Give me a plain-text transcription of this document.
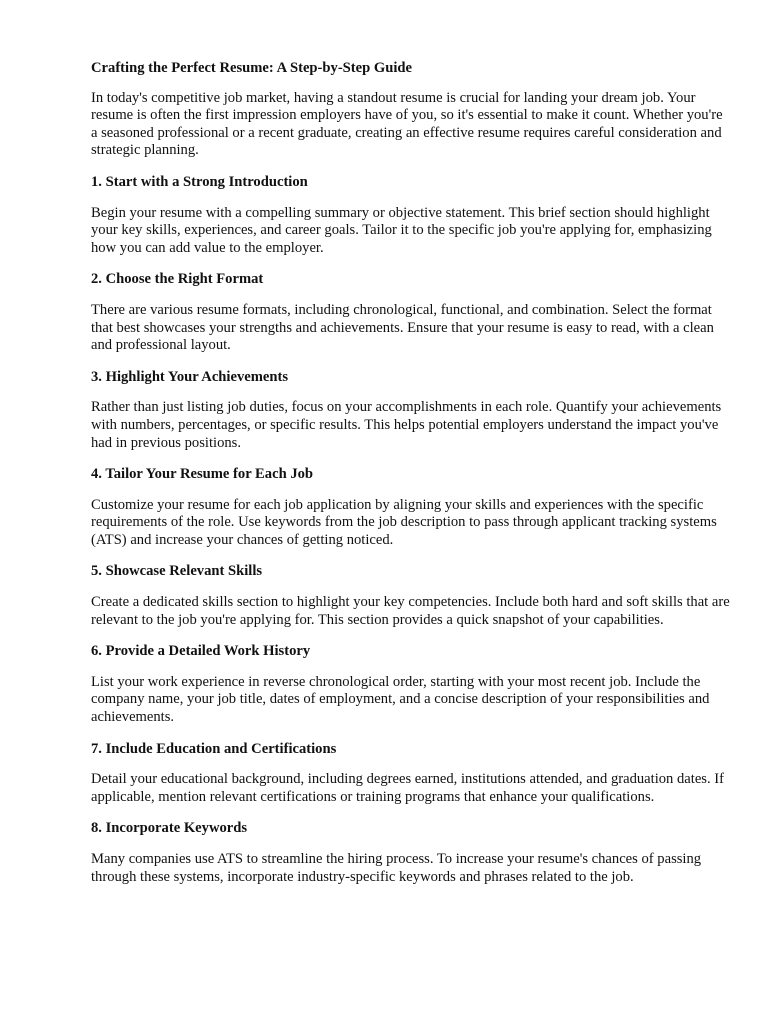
Crafting the Perfect Resume: A Step-by-Step Guide

In today's competitive job market, having a standout resume is crucial for landing your dream job. Your resume is often the first impression employers have of you, so it's essential to make it count. Whether you're a seasoned professional or a recent graduate, creating an effective resume requires careful consideration and strategic planning.

1. Start with a Strong Introduction

Begin your resume with a compelling summary or objective statement. This brief section should highlight your key skills, experiences, and career goals. Tailor it to the specific job you're applying for, emphasizing how you can add value to the employer.

2. Choose the Right Format

There are various resume formats, including chronological, functional, and combination. Select the format that best showcases your strengths and achievements. Ensure that your resume is easy to read, with a clean and professional layout.

3. Highlight Your Achievements

Rather than just listing job duties, focus on your accomplishments in each role. Quantify your achievements with numbers, percentages, or specific results. This helps potential employers understand the impact you've had in previous positions.

4. Tailor Your Resume for Each Job

Customize your resume for each job application by aligning your skills and experiences with the specific requirements of the role. Use keywords from the job description to pass through applicant tracking systems (ATS) and increase your chances of getting noticed.

5. Showcase Relevant Skills

Create a dedicated skills section to highlight your key competencies. Include both hard and soft skills that are relevant to the job you're applying for. This section provides a quick snapshot of your capabilities.

6. Provide a Detailed Work History

List your work experience in reverse chronological order, starting with your most recent job. Include the company name, your job title, dates of employment, and a concise description of your responsibilities and achievements.

7. Include Education and Certifications

Detail your educational background, including degrees earned, institutions attended, and graduation dates. If applicable, mention relevant certifications or training programs that enhance your qualifications.

8. Incorporate Keywords

Many companies use ATS to streamline the hiring process. To increase your resume's chances of passing through these systems, incorporate industry-specific keywords and phrases related to the job.
